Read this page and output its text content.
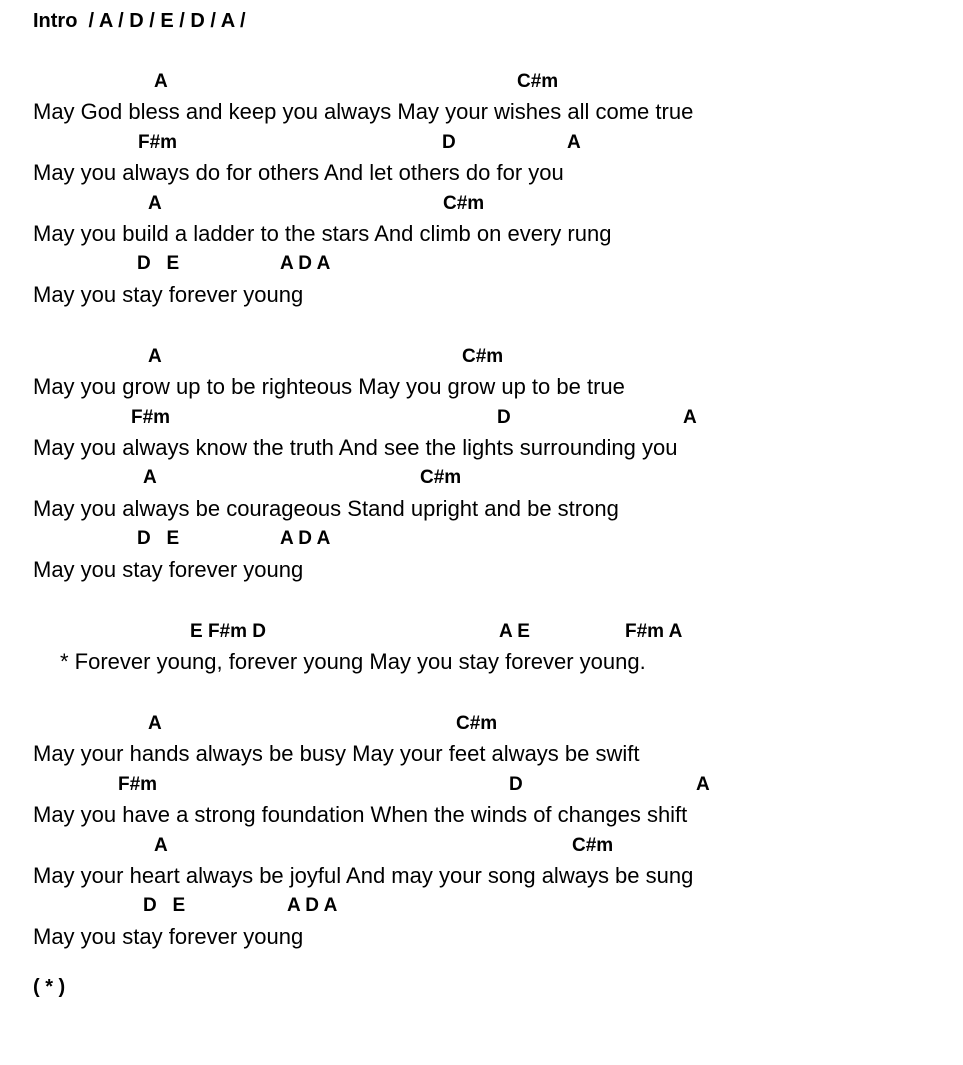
Intro  / A / D / E / D / A /
A	C#m
May God bless and keep you always May your wishes all come true
F#m	D	A
May you always do for others And let others do for you
A	C#m
May you build a ladder to the stars And climb on every rung
D   E	A D A
May you stay forever young
A	C#m
May you grow up to be righteous May you grow up to be true
F#m	D	A
May you always know the truth And see the lights surrounding you
A	C#m
May you always be courageous Stand upright and be strong
D   E	A D A
May you stay forever young
E F#m D	A E	F#m A
* Forever young, forever young May you stay forever young.
A	C#m
May your hands always be busy May your feet always be swift
F#m	D	A
May you have a strong foundation When the winds of changes shift
A	C#m
May your heart always be joyful And may your song always be sung
D   E	A D A
May you stay forever young
( * )
